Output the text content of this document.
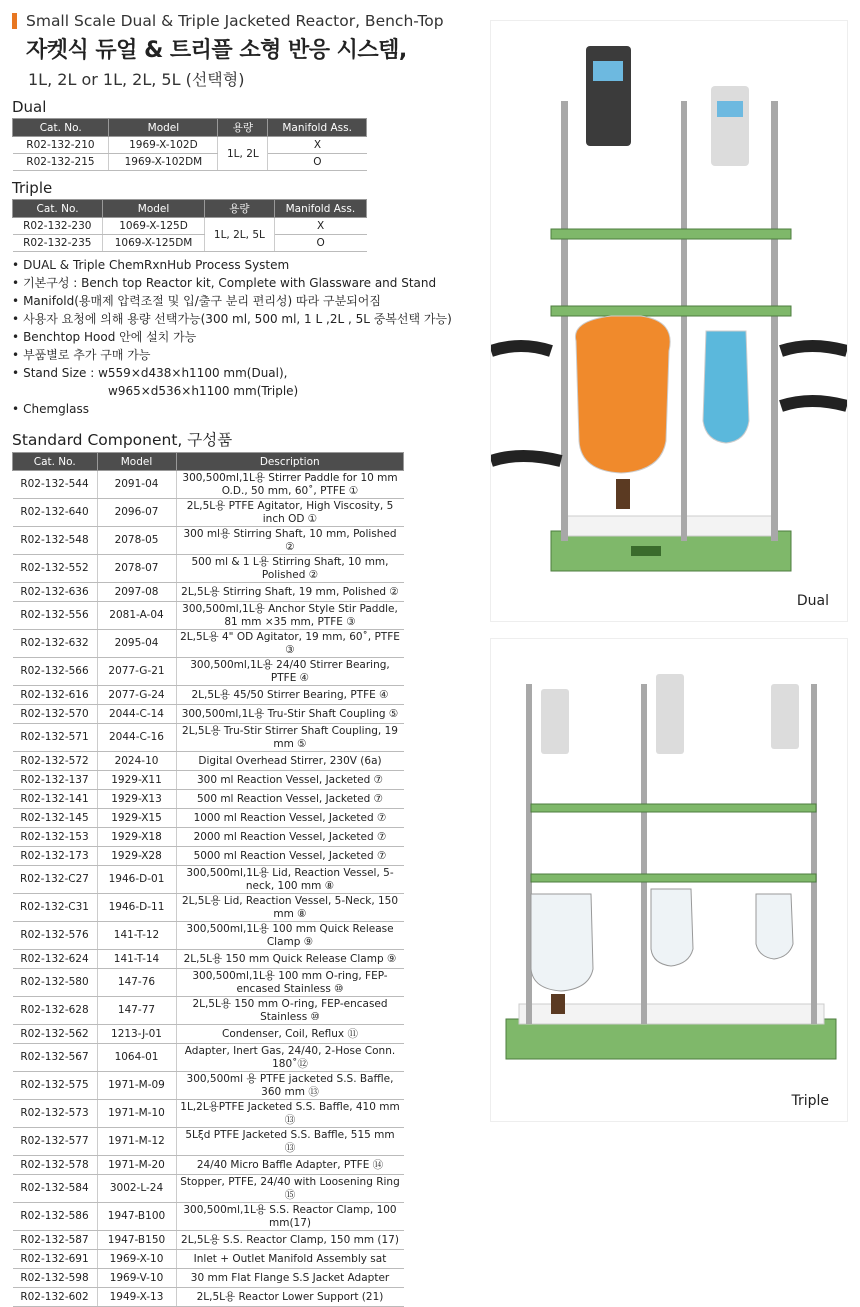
Small Scale Dual & Triple Jacketed Reactor, Bench-Top
자켓식 듀얼 & 트리플 소형 반응 시스템,
1L, 2L or 1L, 2L, 5L (선택형)
Dual
Cat. No.	Model	용량	Manifold Ass.
R02-132-210	1969-X-102D	1L, 2L	X
R02-132-215	1969-X-102DM		O
Triple
Cat. No.	Model	용량	Manifold Ass.
R02-132-230	1069-X-125D	1L, 2L, 5L	X
R02-132-235	1069-X-125DM		O
• DUAL & Triple ChemRxnHub Process System
• 기본구성 : Bench top Reactor kit, Complete with Glassware and Stand
• Manifold(용매제 압력조절 및 입/출구 분리 편리성) 따라 구분되어짐
• 사용자 요청에 의해 용량 선택가능(300 ml, 500 ml, 1 L ,2L , 5L 중복선택 가능)
• Benchtop Hood 안에 설치 가능
• 부품별로 추가 구매 가능
• Stand Size : w559×d438×h1100 mm(Dual),
w965×d536×h1100 mm(Triple)
• Chemglass
Standard Component, 구성품
Cat. No.	Model	Description
R02-132-544	2091-04	300,500ml,1L용 Stirrer Paddle for 10 mm O.D., 50 mm, 60˚, PTFE ①
R02-132-640	2096-07	2L,5L용 PTFE Agitator, High Viscosity, 5 inch OD ①
R02-132-548	2078-05	300 ml용 Stirring Shaft, 10 mm, Polished ②
R02-132-552	2078-07	500 ml & 1 L용 Stirring Shaft, 10 mm, Polished ②
R02-132-636	2097-08	2L,5L용 Stirring Shaft, 19 mm, Polished ②
R02-132-556	2081-A-04	300,500ml,1L용 Anchor Style Stir Paddle, 81 mm ×35 mm, PTFE ③
R02-132-632	2095-04	2L,5L용 4" OD Agitator, 19 mm, 60˚, PTFE ③
R02-132-566	2077-G-21	300,500ml,1L용 24/40 Stirrer Bearing, PTFE ④
R02-132-616	2077-G-24	2L,5L용 45/50 Stirrer Bearing, PTFE ④
R02-132-570	2044-C-14	300,500ml,1L용 Tru-Stir Shaft Coupling ⑤
R02-132-571	2044-C-16	2L,5L용 Tru-Stir Stirrer Shaft Coupling, 19 mm ⑤
R02-132-572	2024-10	Digital Overhead Stirrer, 230V (6a)
R02-132-137	1929-X11	300 ml Reaction Vessel, Jacketed ⑦
R02-132-141	1929-X13	500 ml Reaction Vessel, Jacketed ⑦
R02-132-145	1929-X15	1000 ml Reaction Vessel, Jacketed ⑦
R02-132-153	1929-X18	2000 ml Reaction Vessel, Jacketed ⑦
R02-132-173	1929-X28	5000 ml Reaction Vessel, Jacketed ⑦
R02-132-C27	1946-D-01	300,500ml,1L용 Lid, Reaction Vessel, 5-neck, 100 mm ⑧
R02-132-C31	1946-D-11	2L,5L용 Lid, Reaction Vessel, 5-Neck, 150 mm ⑧
R02-132-576	141-T-12	300,500ml,1L용 100 mm Quick Release Clamp ⑨
R02-132-624	141-T-14	2L,5L용 150 mm Quick Release Clamp ⑨
R02-132-580	147-76	300,500ml,1L용 100 mm O-ring, FEP-encased Stainless ⑩
R02-132-628	147-77	2L,5L용 150 mm O-ring, FEP-encased Stainless ⑩
R02-132-562	1213-J-01	Condenser, Coil, Reflux ⑪
R02-132-567	1064-01	Adapter, Inert Gas, 24/40, 2-Hose Conn. 180˚⑫
R02-132-575	1971-M-09	300,500ml 용 PTFE jacketed S.S. Baffle, 360 mm ⑬
R02-132-573	1971-M-10	1L,2L용PTFE Jacketed S.S. Baffle, 410 mm ⑬
R02-132-577	1971-M-12	5Lξd PTFE Jacketed S.S. Baffle, 515 mm ⑬
R02-132-578	1971-M-20	24/40 Micro Baffle Adapter, PTFE ⑭
R02-132-584	3002-L-24	Stopper, PTFE, 24/40 with Loosening Ring ⑮
R02-132-586	1947-B100	300,500ml,1L용 S.S. Reactor Clamp, 100 mm(17)
R02-132-587	1947-B150	2L,5L용 S.S. Reactor Clamp, 150 mm (17)
R02-132-691	1969-X-10	Inlet + Outlet Manifold Assembly sat
R02-132-598	1969-V-10	30 mm Flat Flange S.S Jacket Adapter
R02-132-602	1949-X-13	2L,5L용 Reactor Lower Support (21)
Dual
Triple
